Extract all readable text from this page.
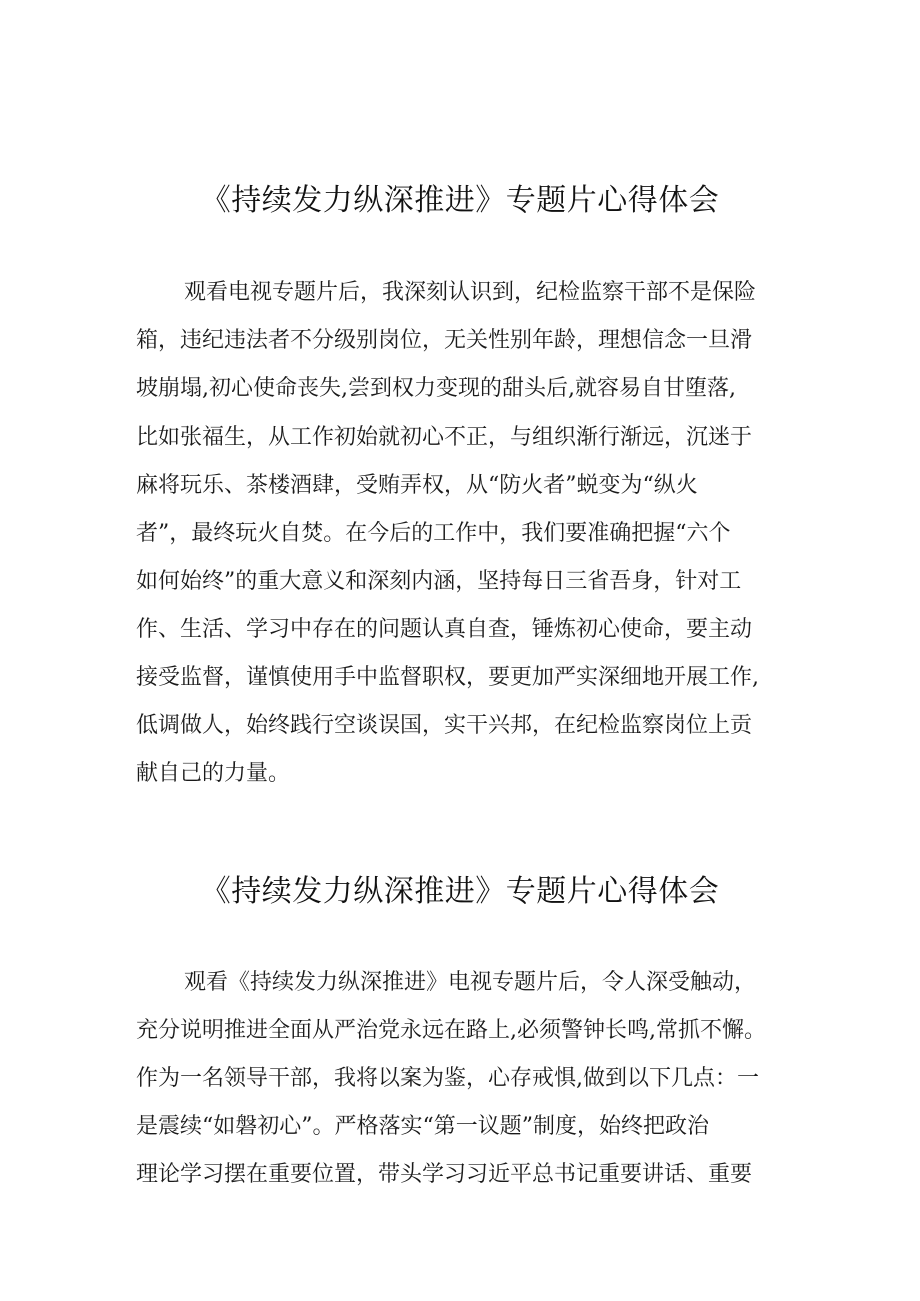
《持续发力纵深推进》专题片心得体会
观看电视专题片后，我深刻认识到，纪检监察干部不是保险
箱，违纪违法者不分级别岗位，无关性别年龄，理想信念一旦滑
坡崩塌,初心使命丧失,尝到权力变现的甜头后,就容易自甘堕落,
比如张福生，从工作初始就初心不正，与组织渐行渐远，沉迷于
麻将玩乐、茶楼酒肆，受贿弄权，从“防火者”蜕变为“纵火
者”，最终玩火自焚。在今后的工作中，我们要准确把握“六个
如何始终”的重大意义和深刻内涵，坚持每日三省吾身，针对工
作、生活、学习中存在的问题认真自查，锤炼初心使命，要主动
接受监督，谨慎使用手中监督职权，要更加严实深细地开展工作,
低调做人，始终践行空谈误国，实干兴邦，在纪检监察岗位上贡
献自己的力量。
《持续发力纵深推进》专题片心得体会
观看《持续发力纵深推进》电视专题片后，令人深受触动，
充分说明推进全面从严治党永远在路上,必须警钟长鸣,常抓不懈。
作为一名领导干部，我将以案为鉴，心存戒惧,做到以下几点：一
是震续“如磐初心”。严格落实“第一议题”制度，始终把政治
理论学习摆在重要位置，带头学习习近平总书记重要讲话、重要
